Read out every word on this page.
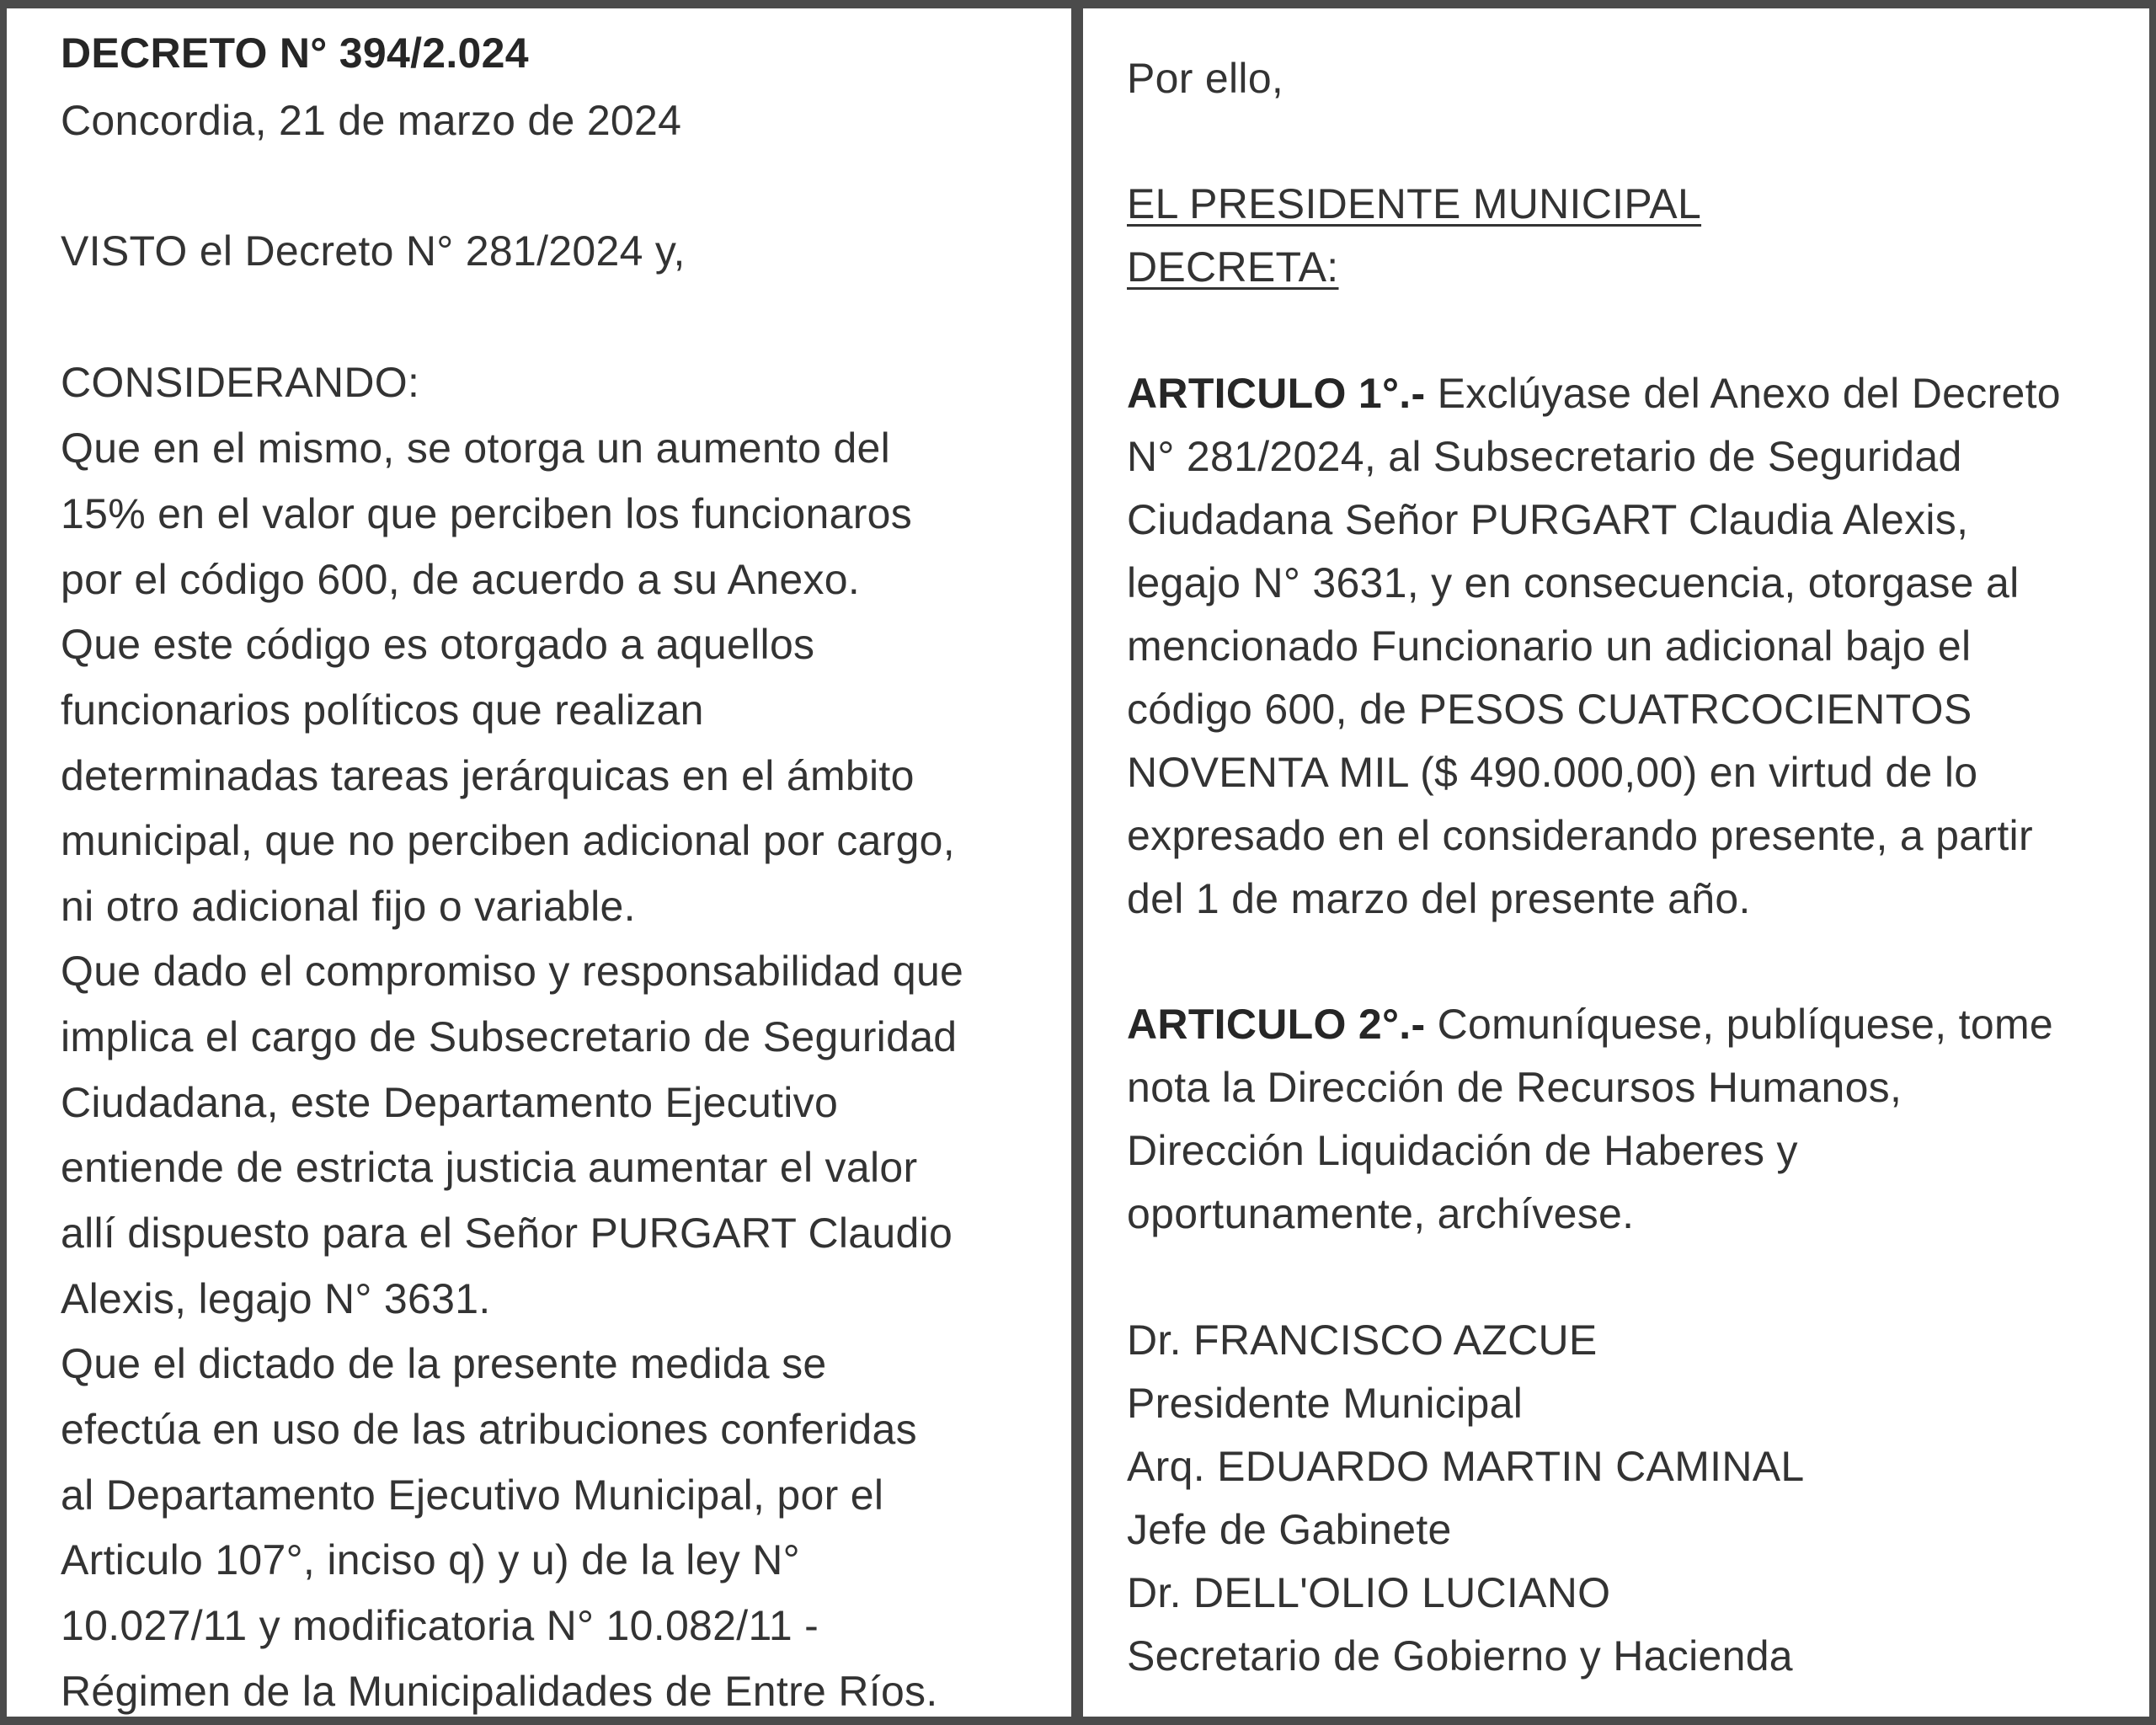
DECRETO N° 394/2.024
Concordia, 21 de marzo de 2024
VISTO el Decreto N° 281/2024 y,
CONSIDERANDO:
Que en el mismo, se otorga un aumento del
15% en el valor que perciben los funcionaros
por el código 600, de acuerdo a su Anexo.
Que este código es otorgado a aquellos
funcionarios políticos que realizan
determinadas tareas jerárquicas en el ámbito
municipal, que no perciben adicional por cargo,
ni otro adicional fijo o variable.
Que dado el compromiso y responsabilidad que
implica el cargo de Subsecretario de Seguridad
Ciudadana, este Departamento Ejecutivo
entiende de estricta justicia aumentar el valor
allí dispuesto para el Señor PURGART Claudio
Alexis, legajo N° 3631.
Que el dictado de la presente medida se
efectúa en uso de las atribuciones conferidas
al Departamento Ejecutivo Municipal, por el
Articulo 107°, inciso q) y u) de la ley N°
10.027/11 y modificatoria N° 10.082/11 -
Régimen de la Municipalidades de Entre Ríos.
Por ello,
EL PRESIDENTE MUNICIPAL
DECRETA:
ARTICULO 1°.- Exclúyase del Anexo del Decreto
N° 281/2024, al Subsecretario de Seguridad
Ciudadana Señor PURGART Claudia Alexis,
legajo N° 3631, y en consecuencia, otorgase al
mencionado Funcionario un adicional bajo el
código 600, de PESOS CUATRCOCIENTOS
NOVENTA MIL ($ 490.000,00) en virtud de lo
expresado en el considerando presente, a partir
del 1 de marzo del presente año.
ARTICULO 2°.- Comuníquese, publíquese, tome
nota la Dirección de Recursos Humanos,
Dirección Liquidación de Haberes y
oportunamente, archívese.
Dr. FRANCISCO AZCUE
Presidente Municipal
Arq. EDUARDO MARTIN CAMINAL
Jefe de Gabinete
Dr. DELL'OLIO LUCIANO
Secretario de Gobierno y Hacienda
